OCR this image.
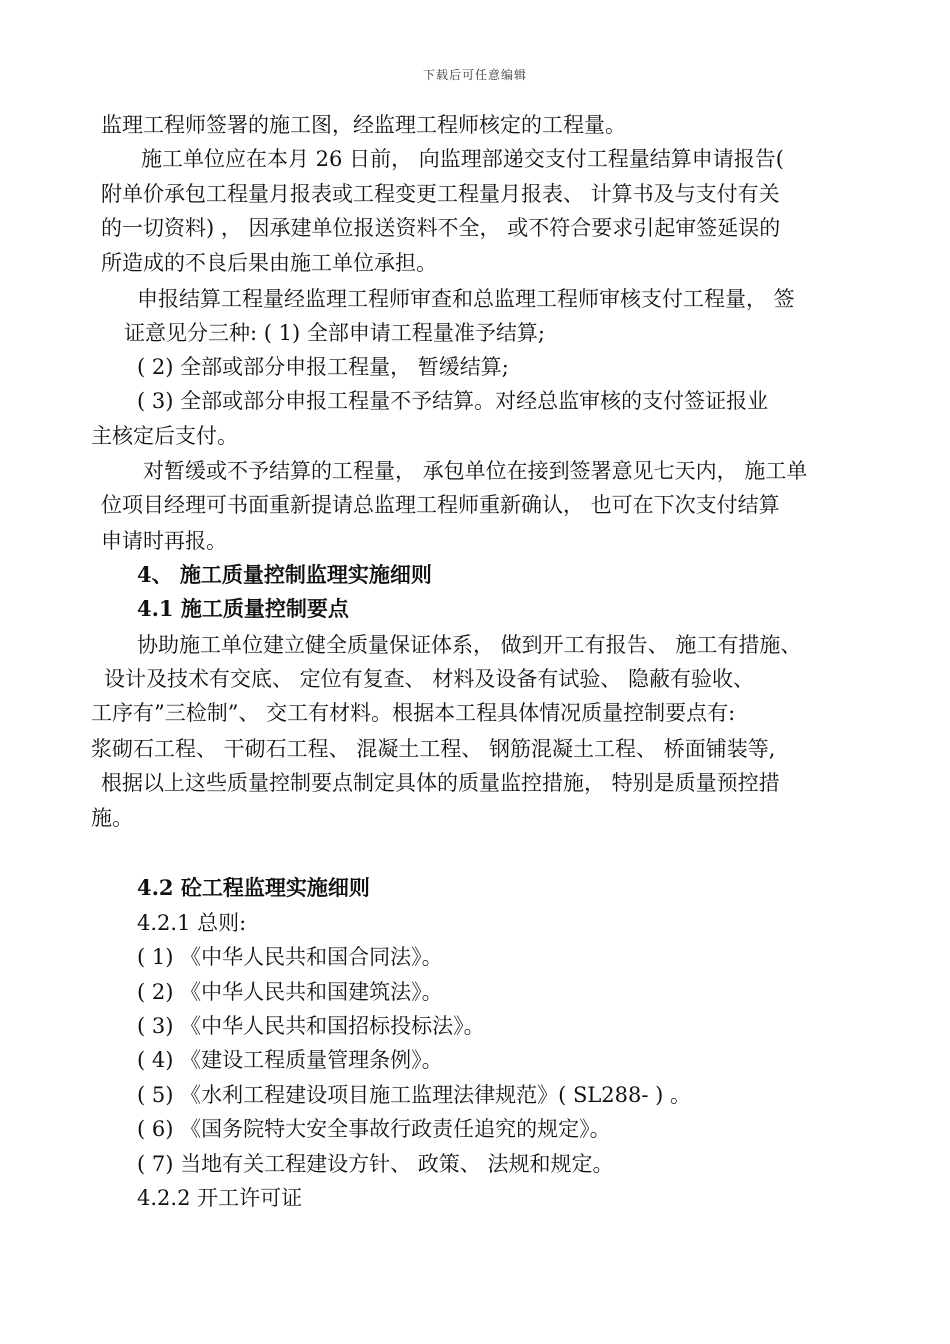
下载后可任意编辑
监理工程师签署的施工图，经监理工程师核定的工程量。
施工单位应在本月 26 日前， 向监理部递交支付工程量结算申请报告(
附单价承包工程量月报表或工程变更工程量月报表、 计算书及与支付有关
的一切资料) ， 因承建单位报送资料不全， 或不符合要求引起审签延误的
所造成的不良后果由施工单位承担。
申报结算工程量经监理工程师审查和总监理工程师审核支付工程量， 签
证意见分三种: ( 1) 全部申请工程量准予结算;
( 2) 全部或部分申报工程量， 暂缓结算;
( 3) 全部或部分申报工程量不予结算。对经总监审核的支付签证报业
主核定后支付。
对暂缓或不予结算的工程量， 承包单位在接到签署意见七天内， 施工单
位项目经理可书面重新提请总监理工程师重新确认， 也可在下次支付结算
申请时再报。
4、 施工质量控制监理实施细则
4.1 施工质量控制要点
协助施工单位建立健全质量保证体系， 做到开工有报告、 施工有措施、
设计及技术有交底、 定位有复查、 材料及设备有试验、 隐蔽有验收、
工序有”三检制”、 交工有材料。根据本工程具体情况质量控制要点有:
浆砌石工程、 干砌石工程、 混凝土工程、 钢筋混凝土工程、 桥面铺装等,
根据以上这些质量控制要点制定具体的质量监控措施， 特别是质量预控措
施。
4.2 砼工程监理实施细则
4.2.1 总则:
( 1) 《中华人民共和国合同法》。
( 2) 《中华人民共和国建筑法》。
( 3) 《中华人民共和国招标投标法》。
( 4) 《建设工程质量管理条例》。
( 5) 《水利工程建设项目施工监理法律规范》( SL288- ) 。
( 6) 《国务院特大安全事故行政责任追究的规定》。
( 7) 当地有关工程建设方针、 政策、 法规和规定。
4.2.2 开工许可证
